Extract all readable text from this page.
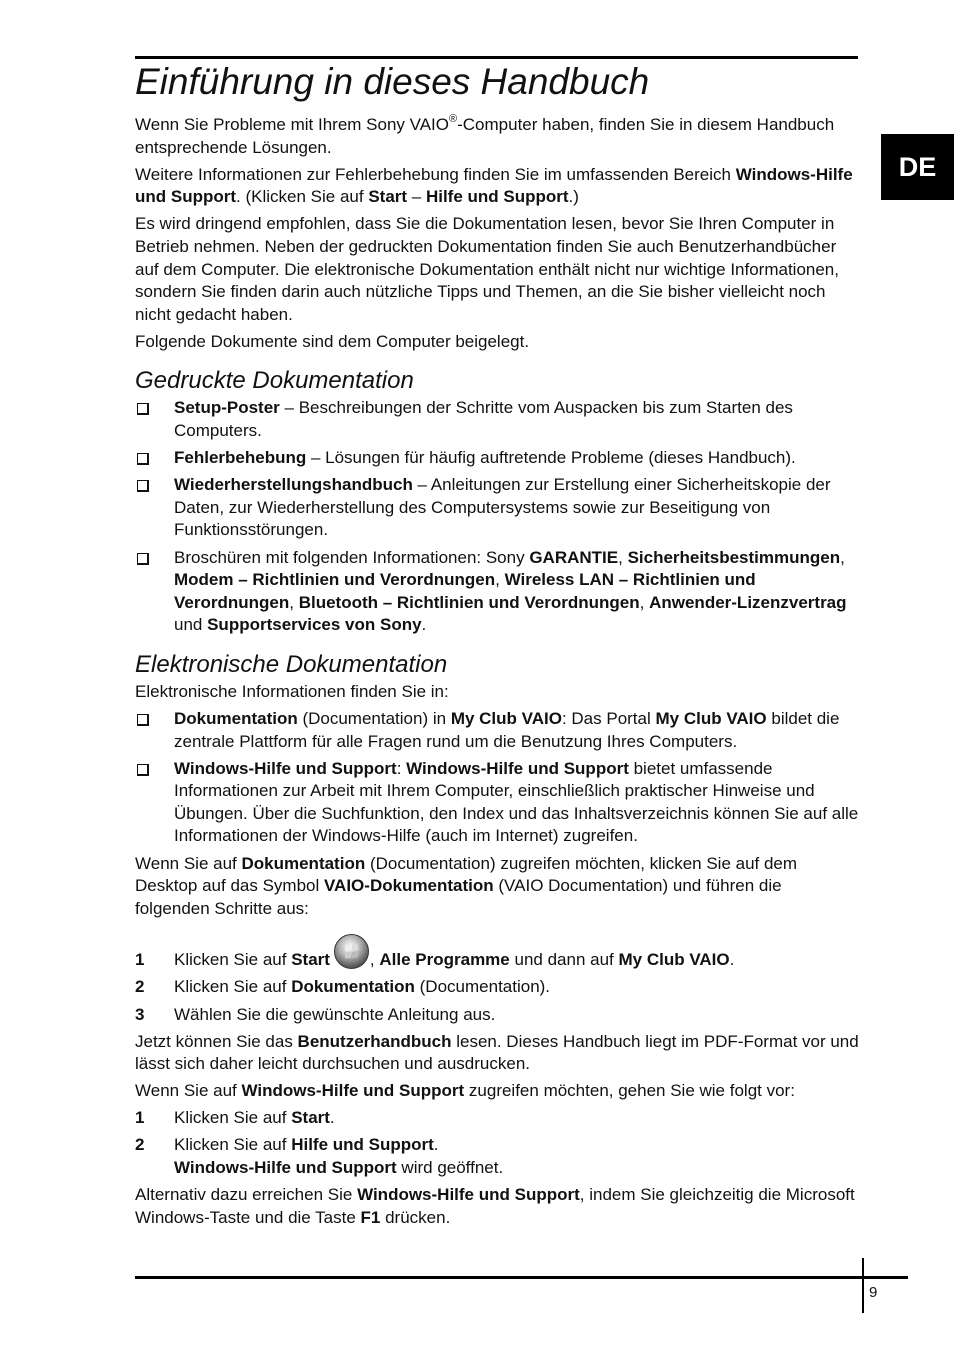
DE
Einführung in dieses Handbuch

Wenn Sie Probleme mit Ihrem Sony VAIO®-Computer haben, finden Sie in diesem Handbuch entsprechende Lösungen.

Weitere Informationen zur Fehlerbehebung finden Sie im umfassenden Bereich Windows-Hilfe und Support. (Klicken Sie auf Start – Hilfe und Support.)

Es wird dringend empfohlen, dass Sie die Dokumentation lesen, bevor Sie Ihren Computer in Betrieb nehmen. Neben der gedruckten Dokumentation finden Sie auch Benutzerhandbücher auf dem Computer. Die elektronische Dokumentation enthält nicht nur wichtige Informationen, sondern Sie finden darin auch nützliche Tipps und Themen, an die Sie bisher vielleicht noch nicht gedacht haben.

Folgende Dokumente sind dem Computer beigelegt.

Gedruckte Dokumentation
Setup-Poster – Beschreibungen der Schritte vom Auspacken bis zum Starten des Computers.
Fehlerbehebung – Lösungen für häufig auftretende Probleme (dieses Handbuch).
Wiederherstellungshandbuch – Anleitungen zur Erstellung einer Sicherheitskopie der Daten, zur Wiederherstellung des Computersystems sowie zur Beseitigung von Funktionsstörungen.
Broschüren mit folgenden Informationen: Sony GARANTIE, Sicherheitsbestimmungen, Modem – Richtlinien und Verordnungen, Wireless LAN – Richtlinien und Verordnungen, Bluetooth – Richtlinien und Verordnungen, Anwender-Lizenzvertrag und Supportservices von Sony.
Elektronische Dokumentation

Elektronische Informationen finden Sie in:

Dokumentation (Documentation) in My Club VAIO: Das Portal My Club VAIO bildet die zentrale Plattform für alle Fragen rund um die Benutzung Ihres Computers.
Windows-Hilfe und Support: Windows-Hilfe und Support bietet umfassende Informationen zur Arbeit mit Ihrem Computer, einschließlich praktischer Hinweise und Übungen. Über die Suchfunktion, den Index und das Inhaltsverzeichnis können Sie auf alle Informationen der Windows-Hilfe (auch im Internet) zugreifen.

Wenn Sie auf Dokumentation (Documentation) zugreifen möchten, klicken Sie auf dem Desktop auf das Symbol VAIO-Dokumentation (VAIO Documentation) und führen die folgenden Schritte aus:

1	Klicken Sie auf Start , Alle Programme und dann auf My Club VAIO.
2	Klicken Sie auf Dokumentation (Documentation).
3	Wählen Sie die gewünschte Anleitung aus.

Jetzt können Sie das Benutzerhandbuch lesen. Dieses Handbuch liegt im PDF-Format vor und lässt sich daher leicht durchsuchen und ausdrucken.

Wenn Sie auf Windows-Hilfe und Support zugreifen möchten, gehen Sie wie folgt vor:

1	Klicken Sie auf Start.
2	Klicken Sie auf Hilfe und Support.
Windows-Hilfe und Support wird geöffnet.

Alternativ dazu erreichen Sie Windows-Hilfe und Support, indem Sie gleichzeitig die Microsoft Windows-Taste und die Taste F1 drücken.

9
